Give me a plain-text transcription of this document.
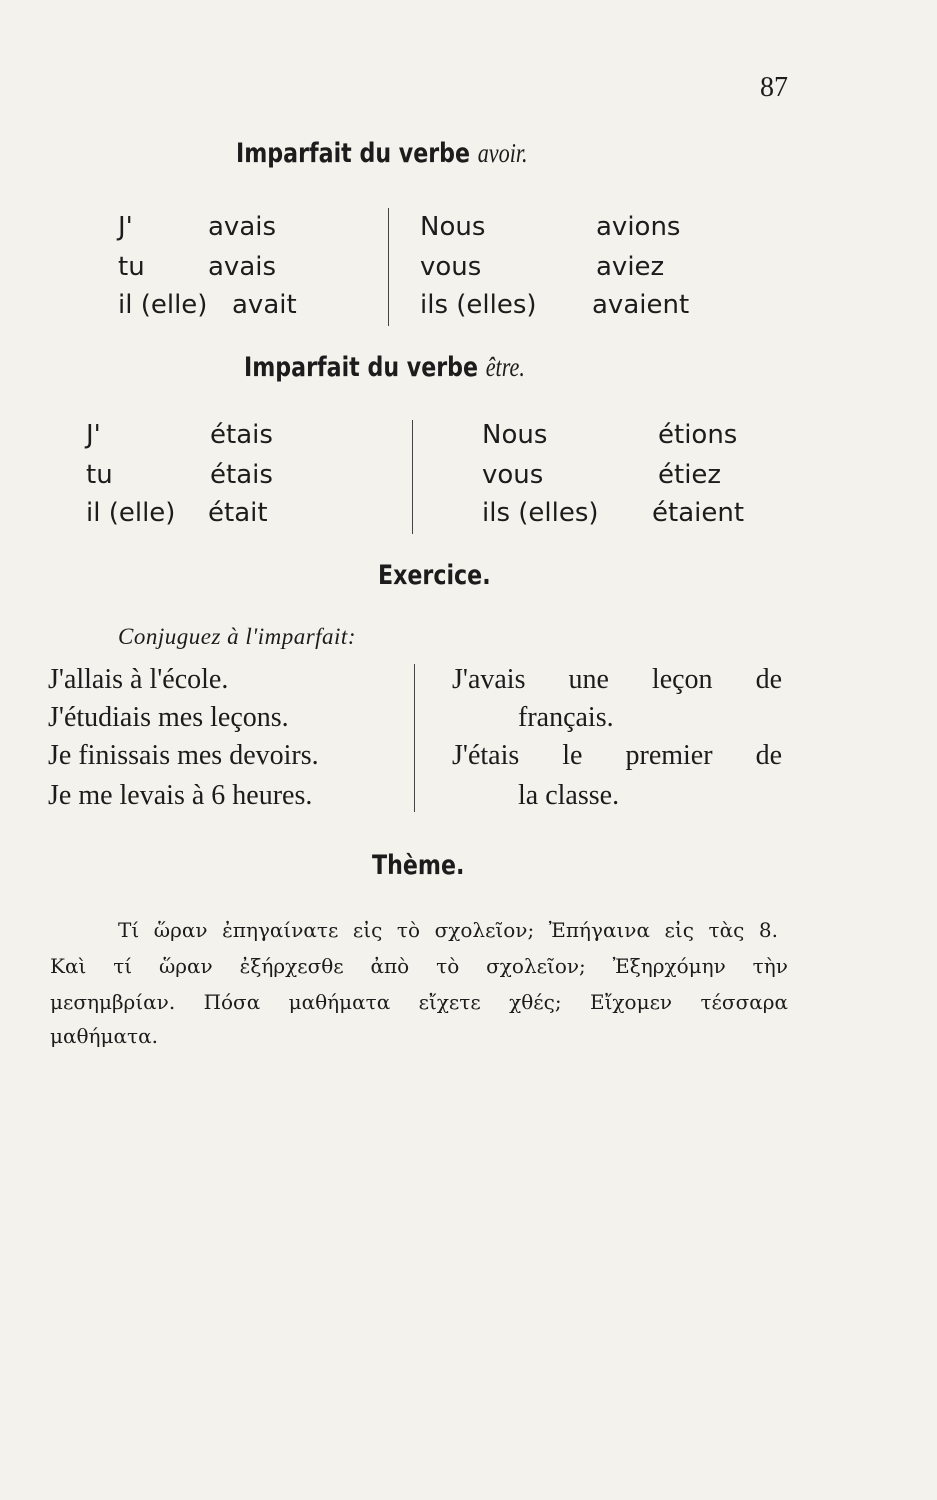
87
Imparfait du verbe avoir.
J'	avais	Nous	avions
tu avais	vous	aviez
il (elle) avait	ils (elles) avaient
Imparfait du verbe être.
J'	étais	Nous	étions
tu	étais	vous	étiez
il (elle) était	ils (elles) étaient
Exercice.
Conjuguez à l'imparfait:
J'allais à l'école.
J'étudiais mes leçons.
Je finissais mes devoirs.
Je me levais à 6 heures.
J'avais une leçon de
français.
J'étais le premier de
la classe.
Thème.
Τί ὥραν ἐπηγαίνατε εἰς τὸ σχολεῖον; Ἐπήγαινα εἰς τὰς 8.
Καὶ τί ὥραν ἐξήρχεσθε ἀπὸ τὸ σχολεῖον; Ἐξηρχόμην τὴν
μεσημβρίαν. Πόσα μαθήματα εἴχετε χθές; Εἴχομεν τέσσαρα
μαθήματα.
